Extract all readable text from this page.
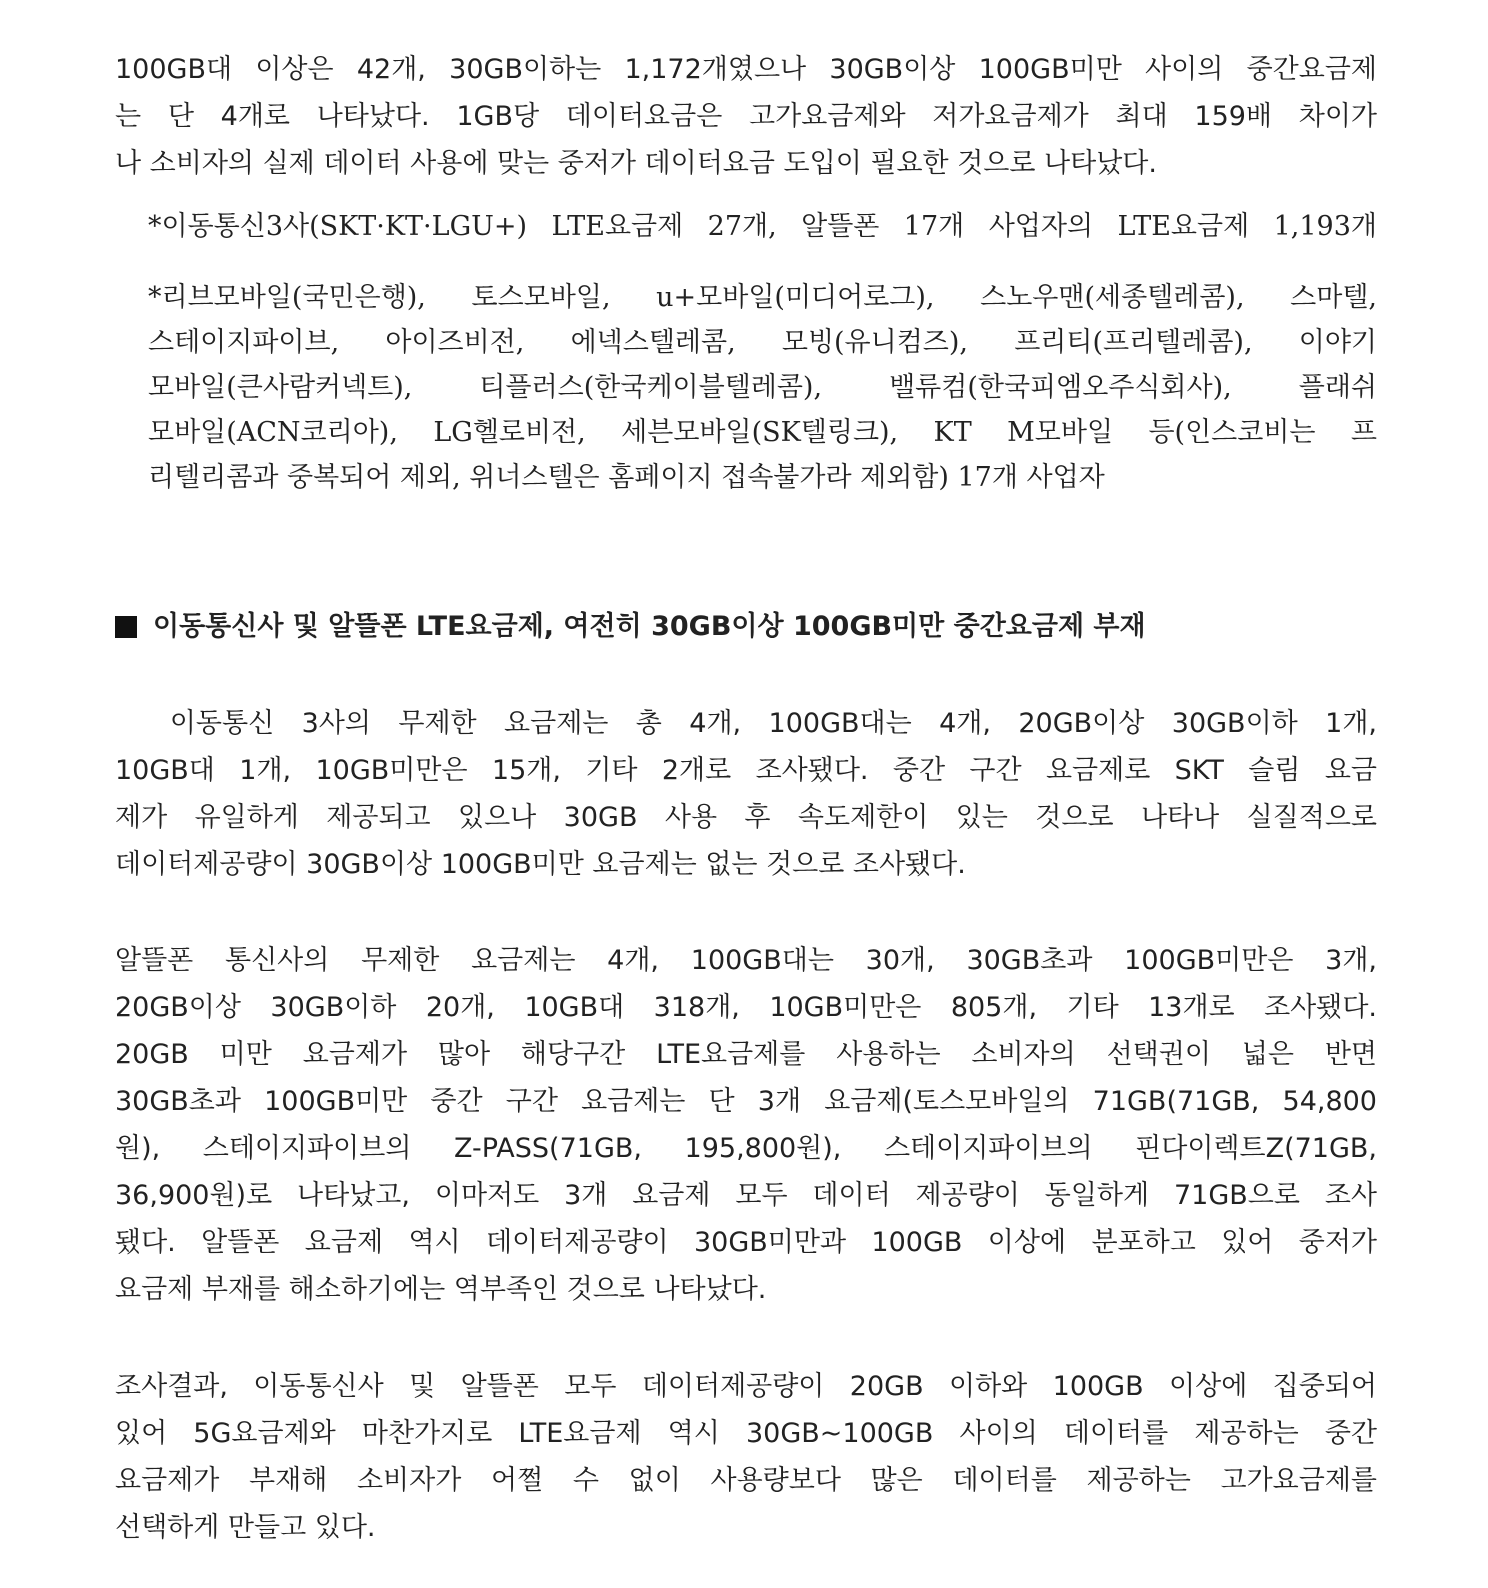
100GB대 이상은 42개, 30GB이하는 1,172개였으나 30GB이상 100GB미만 사이의 중간요금제
는 단 4개로 나타났다. 1GB당 데이터요금은 고가요금제와 저가요금제가 최대 159배 차이가
나 소비자의 실제 데이터 사용에 맞는 중저가 데이터요금 도입이 필요한 것으로 나타났다.
*이동통신3사(SKT·KT·LGU+) LTE요금제 27개, 알뜰폰 17개 사업자의 LTE요금제 1,193개
*리브모바일(국민은행), 토스모바일, u+모바일(미디어로그), 스노우맨(세종텔레콤), 스마텔,
스테이지파이브, 아이즈비전, 에넥스텔레콤, 모빙(유니컴즈), 프리티(프리텔레콤), 이야기
모바일(큰사람커넥트), 티플러스(한국케이블텔레콤), 밸류컴(한국피엠오주식회사), 플래쉬
모바일(ACN코리아), LG헬로비전, 세븐모바일(SK텔링크), KT M모바일 등(인스코비는 프
리텔리콤과 중복되어 제외, 위너스텔은 홈페이지 접속불가라 제외함) 17개 사업자
이동통신사 및 알뜰폰 LTE요금제, 여전히 30GB이상 100GB미만 중간요금제 부재
이동통신 3사의 무제한 요금제는 총 4개, 100GB대는 4개, 20GB이상 30GB이하 1개,
10GB대 1개, 10GB미만은 15개, 기타 2개로 조사됐다. 중간 구간 요금제로 SKT 슬림 요금
제가 유일하게 제공되고 있으나 30GB 사용 후 속도제한이 있는 것으로 나타나 실질적으로
데이터제공량이 30GB이상 100GB미만 요금제는 없는 것으로 조사됐다.
알뜰폰 통신사의 무제한 요금제는 4개, 100GB대는 30개, 30GB초과 100GB미만은 3개,
20GB이상 30GB이하 20개, 10GB대 318개, 10GB미만은 805개, 기타 13개로 조사됐다.
20GB 미만 요금제가 많아 해당구간 LTE요금제를 사용하는 소비자의 선택권이 넓은 반면
30GB초과 100GB미만 중간 구간 요금제는 단 3개 요금제(토스모바일의 71GB(71GB, 54,800
원), 스테이지파이브의 Z-PASS(71GB, 195,800원), 스테이지파이브의 핀다이렉트Z(71GB,
36,900원)로 나타났고, 이마저도 3개 요금제 모두 데이터 제공량이 동일하게 71GB으로 조사
됐다. 알뜰폰 요금제 역시 데이터제공량이 30GB미만과 100GB 이상에 분포하고 있어 중저가
요금제 부재를 해소하기에는 역부족인 것으로 나타났다.
조사결과, 이동통신사 및 알뜰폰 모두 데이터제공량이 20GB 이하와 100GB 이상에 집중되어
있어 5G요금제와 마찬가지로 LTE요금제 역시 30GB~100GB 사이의 데이터를 제공하는 중간
요금제가 부재해 소비자가 어쩔 수 없이 사용량보다 많은 데이터를 제공하는 고가요금제를
선택하게 만들고 있다.
